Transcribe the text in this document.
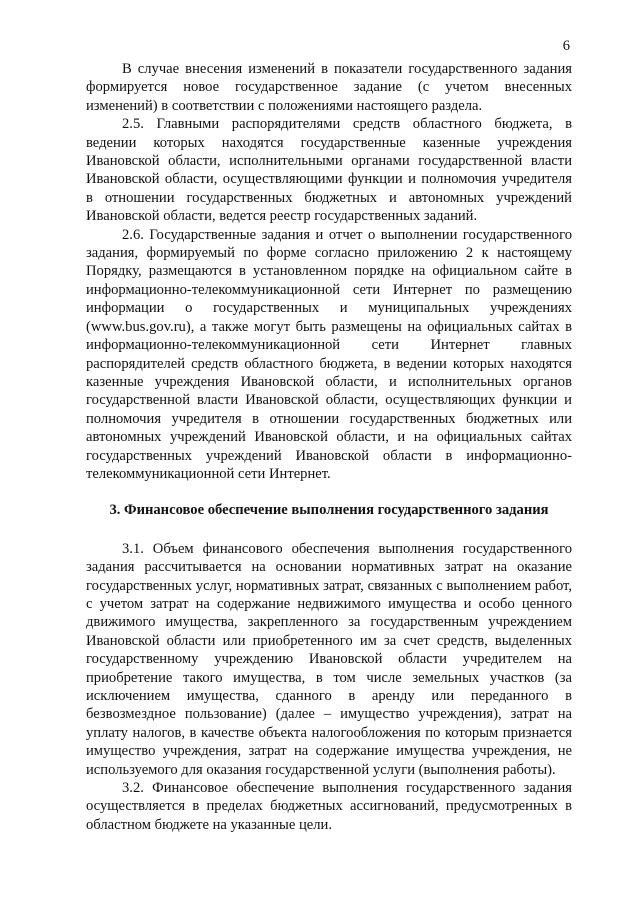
6

В случае внесения изменений в показатели государственного задания формируется новое государственное задание (с учетом внесенных изменений) в соответствии с положениями настоящего раздела.

2.5. Главными распорядителями средств областного бюджета, в ведении которых находятся государственные казенные учреждения Ивановской области, исполнительными органами государственной власти Ивановской области, осуществляющими функции и полномочия учредителя в отношении государственных бюджетных и автономных учреждений Ивановской области, ведется реестр государственных заданий.

2.6. Государственные задания и отчет о выполнении государственного задания, формируемый по форме согласно приложению 2 к настоящему Порядку, размещаются в установленном порядке на официальном сайте в информационно-телекоммуникационной сети Интернет по размещению информации о государственных и муниципальных учреждениях (www.bus.gov.ru), а также могут быть размещены на официальных сайтах в информационно-телекоммуникационной сети Интернет главных распорядителей средств областного бюджета, в ведении которых находятся казенные учреждения Ивановской области, и исполнительных органов государственной власти Ивановской области, осуществляющих функции и полномочия учредителя в отношении государственных бюджетных или автономных учреждений Ивановской области, и на официальных сайтах государственных учреждений Ивановской области в информационно-телекоммуникационной сети Интернет.

3. Финансовое обеспечение выполнения государственного задания

3.1. Объем финансового обеспечения выполнения государственного задания рассчитывается на основании нормативных затрат на оказание государственных услуг, нормативных затрат, связанных с выполнением работ, с учетом затрат на содержание недвижимого имущества и особо ценного движимого имущества, закрепленного за государственным учреждением Ивановской области или приобретенного им за счет средств, выделенных государственному учреждению Ивановской области учредителем на приобретение такого имущества, в том числе земельных участков (за исключением имущества, сданного в аренду или переданного в безвозмездное пользование) (далее – имущество учреждения), затрат на уплату налогов, в качестве объекта налогообложения по которым признается имущество учреждения, затрат на содержание имущества учреждения, не используемого для оказания государственной услуги (выполнения работы).

3.2. Финансовое обеспечение выполнения государственного задания осуществляется в пределах бюджетных ассигнований, предусмотренных в областном бюджете на указанные цели.
